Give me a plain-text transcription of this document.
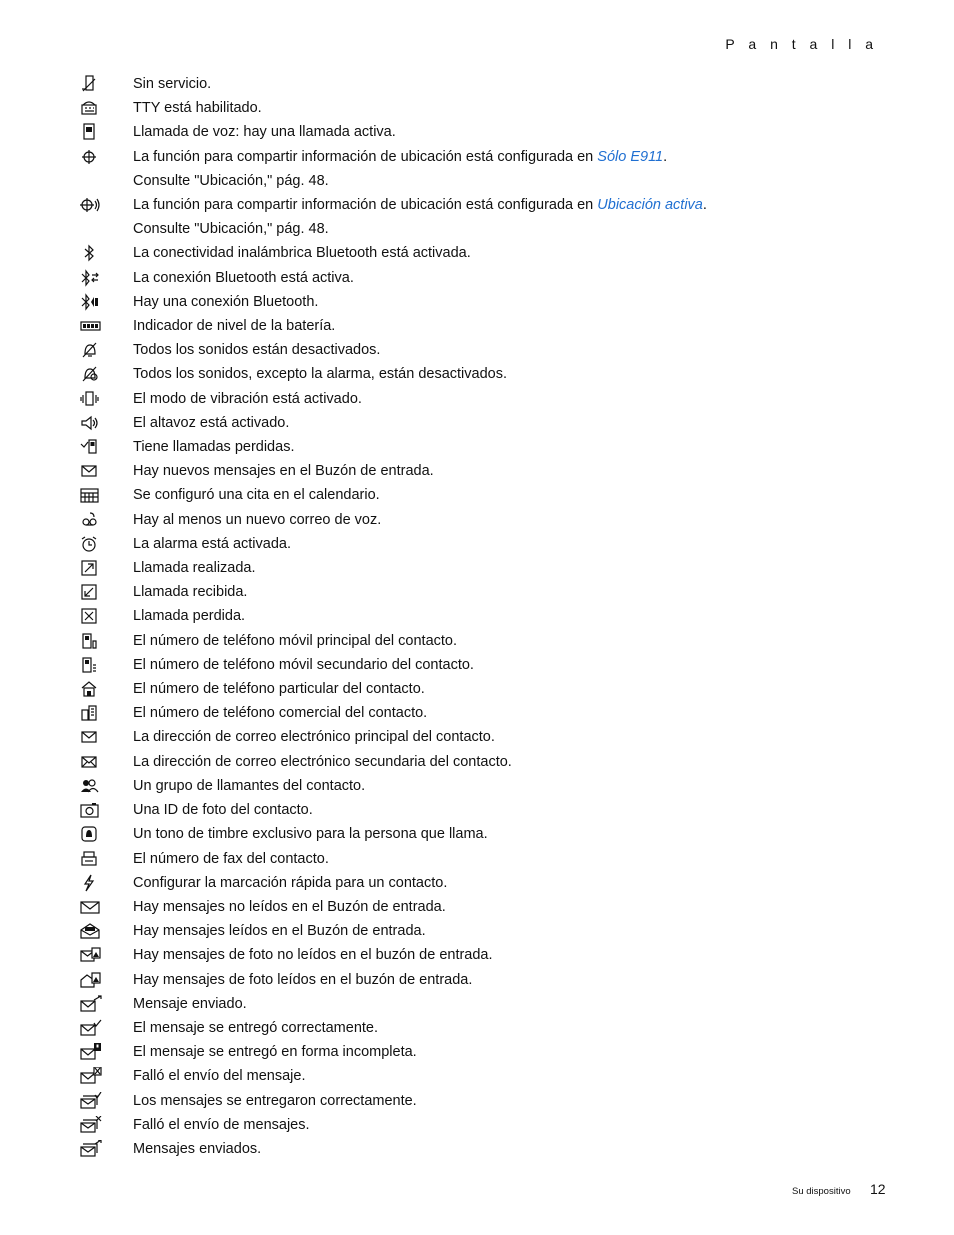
P a n t a l l a
Sin servicio.
TTY está habilitado.
Llamada de voz: hay una llamada activa.
La función para compartir información de ubicación está configurada en Sólo E911.
Consulte "Ubicación," pág. 48.
La función para compartir información de ubicación está configurada en Ubicación activa.
Consulte "Ubicación," pág. 48.
La conectividad inalámbrica Bluetooth está activada.
La conexión Bluetooth está activa.
Hay una conexión Bluetooth.
Indicador de nivel de la batería.
Todos los sonidos están desactivados.
Todos los sonidos, excepto la alarma, están desactivados.
El modo de vibración está activado.
El altavoz está activado.
Tiene llamadas perdidas.
Hay nuevos mensajes en el Buzón de entrada.
Se configuró una cita en el calendario.
Hay al menos un nuevo correo de voz.
La alarma está activada.
Llamada realizada.
Llamada recibida.
Llamada perdida.
El número de teléfono móvil principal del contacto.
El número de teléfono móvil secundario del contacto.
El número de teléfono particular del contacto.
El número de teléfono comercial del contacto.
La dirección de correo electrónico principal del contacto.
La dirección de correo electrónico secundaria del contacto.
Un grupo de llamantes del contacto.
Una ID de foto del contacto.
Un tono de timbre exclusivo para la persona que llama.
El número de fax del contacto.
Configurar la marcación rápida para un contacto.
Hay mensajes no leídos en el Buzón de entrada.
Hay mensajes leídos en el Buzón de entrada.
Hay mensajes de foto no leídos en el buzón de entrada.
Hay mensajes de foto leídos en el buzón de entrada.
Mensaje enviado.
El mensaje se entregó correctamente.
El mensaje se entregó en forma incompleta.
Falló el envío del mensaje.
Los mensajes se entregaron correctamente.
Falló el envío de mensajes.
Mensajes enviados.
Su dispositivo 12
